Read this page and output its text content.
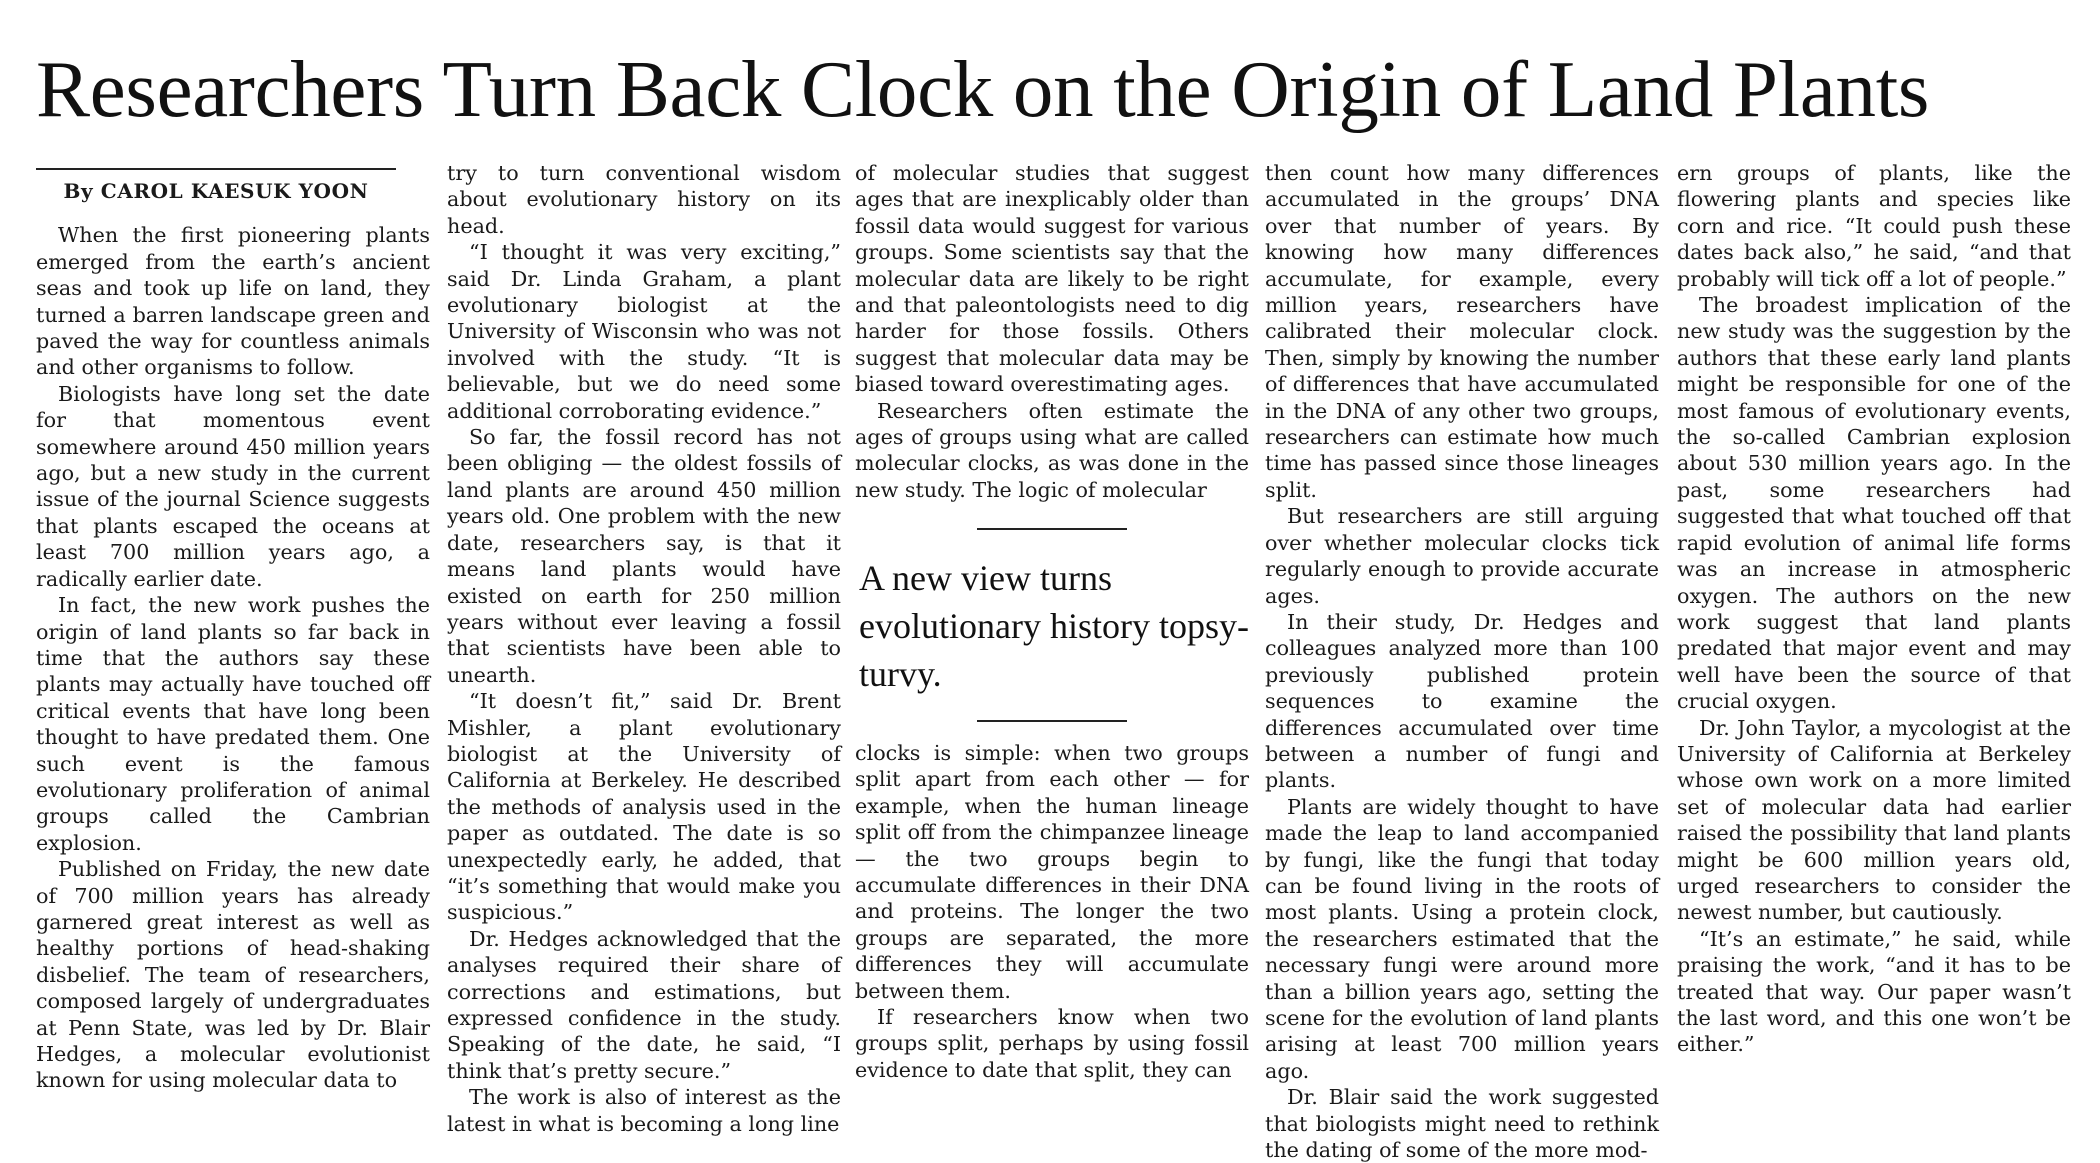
Researchers Turn Back Clock on the Origin of Land Plants
By CAROL KAESUK YOON

When the first pioneering plants emerged from the earth’s ancient seas and took up life on land, they turned a barren landscape green and paved the way for countless animals and other organisms to follow.

Biologists have long set the date for that momentous event somewhere around 450 million years ago, but a new study in the current issue of the journal Science suggests that plants escaped the oceans at least 700 million years ago, a radically earlier date.

In fact, the new work pushes the origin of land plants so far back in time that the authors say these plants may actually have touched off critical events that have long been thought to have predated them. One such event is the famous evolutionary proliferation of animal groups called the Cambrian explosion.

Published on Friday, the new date of 700 million years has already garnered great interest as well as healthy portions of head-shaking disbelief. The team of researchers, composed largely of undergraduates at Penn State, was led by Dr. Blair Hedges, a molecular evolutionist known for using molecular data to

try to turn conventional wisdom about evolutionary history on its head.

“I thought it was very exciting,” said Dr. Linda Graham, a plant evolutionary biologist at the University of Wisconsin who was not involved with the study. “It is believable, but we do need some additional corroborating evidence.”

So far, the fossil record has not been obliging — the oldest fossils of land plants are around 450 million years old. One problem with the new date, researchers say, is that it means land plants would have existed on earth for 250 million years without ever leaving a fossil that scientists have been able to unearth.

“It doesn’t fit,” said Dr. Brent Mishler, a plant evolutionary biologist at the University of California at Berkeley. He described the methods of analysis used in the paper as outdated. The date is so unexpectedly early, he added, that “it’s something that would make you suspicious.”

Dr. Hedges acknowledged that the analyses required their share of corrections and estimations, but expressed confidence in the study. Speaking of the date, he said, “I think that’s pretty secure.”

The work is also of interest as the latest in what is becoming a long line

of molecular studies that suggest ages that are inexplicably older than fossil data would suggest for various groups. Some scientists say that the molecular data are likely to be right and that paleontologists need to dig harder for those fossils. Others suggest that molecular data may be biased toward overestimating ages.

Researchers often estimate the ages of groups using what are called molecular clocks, as was done in the new study. The logic of molecular

A new view turns evolutionary history topsy-turvy.

clocks is simple: when two groups split apart from each other — for example, when the human lineage split off from the chimpanzee lineage — the two groups begin to accumulate differences in their DNA and proteins. The longer the two groups are separated, the more differences they will accumulate between them.

If researchers know when two groups split, perhaps by using fossil evidence to date that split, they can

then count how many differences accumulated in the groups’ DNA over that number of years. By knowing how many differences accumulate, for example, every million years, researchers have calibrated their molecular clock. Then, simply by knowing the number of differences that have accumulated in the DNA of any other two groups, researchers can estimate how much time has passed since those lineages split.

But researchers are still arguing over whether molecular clocks tick regularly enough to provide accurate ages.

In their study, Dr. Hedges and colleagues analyzed more than 100 previously published protein sequences to examine the differences accumulated over time between a number of fungi and plants.

Plants are widely thought to have made the leap to land accompanied by fungi, like the fungi that today can be found living in the roots of most plants. Using a protein clock, the researchers estimated that the necessary fungi were around more than a billion years ago, setting the scene for the evolution of land plants arising at least 700 million years ago.

Dr. Blair said the work suggested that biologists might need to rethink the dating of some of the more mod-

ern groups of plants, like the flowering plants and species like corn and rice. “It could push these dates back also,” he said, “and that probably will tick off a lot of people.”

The broadest implication of the new study was the suggestion by the authors that these early land plants might be responsible for one of the most famous of evolutionary events, the so-called Cambrian explosion about 530 million years ago. In the past, some researchers had suggested that what touched off that rapid evolution of animal life forms was an increase in atmospheric oxygen. The authors on the new work suggest that land plants predated that major event and may well have been the source of that crucial oxygen.

Dr. John Taylor, a mycologist at the University of California at Berkeley whose own work on a more limited set of molecular data had earlier raised the possibility that land plants might be 600 million years old, urged researchers to consider the newest number, but cautiously.

“It’s an estimate,” he said, while praising the work, “and it has to be treated that way. Our paper wasn’t the last word, and this one won’t be either.”
